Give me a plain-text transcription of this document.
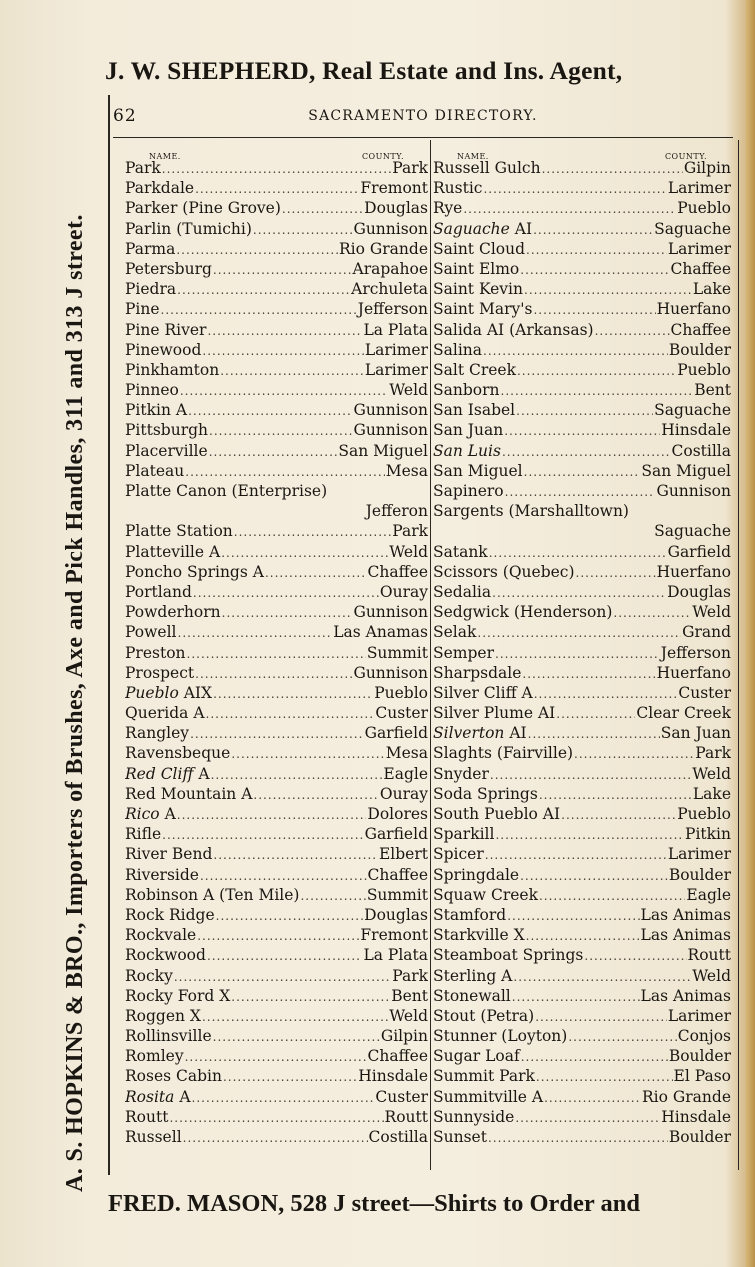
J. W. SHEPHERD, Real Estate and Ins. Agent,
A. S. HOPKINS & BRO., Importers of Brushes, Axe and Pick Handles, 311 and 313 J street.
62	SACRAMENTO DIRECTORY.
NAME.	COUNTY.
Park .....	Park
Parkdale .....	Fremont
Parker (Pine Grove) .....	Douglas
Parlin (Tumichi) .....	Gunnison
Parma .....	Rio Grande
Petersburg .....	Arapahoe
Piedra .....	Archuleta
Pine .....	Jefferson
Pine River .....	La Plata
Pinewood .....	Larimer
Pinkhamton .....	Larimer
Pinneo .....	Weld
Pitkin A .....	Gunnison
Pittsburgh .....	Gunnison
Placerville .....	San Miguel
Plateau .....	Mesa
Platte Canon (Enterprise)
Jefferon
Platte Station .....	Park
Platteville A .....	Weld
Poncho Springs A .....	Chaffee
Portland .....	Ouray
Powderhorn .....	Gunnison
Powell .....	Las Anamas
Preston .....	Summit
Prospect .....	Gunnison
Pueblo AIX .....	Pueblo
Querida A .....	Custer
Rangley .....	Garfield
Ravensbeque .....	Mesa
Red Cliff A .....	Eagle
Red Mountain A .....	Ouray
Rico A .....	Dolores
Rifle .....	Garfield
River Bend .....	Elbert
Riverside .....	Chaffee
Robinson A (Ten Mile) .....	Summit
Rock Ridge .....	Douglas
Rockvale .....	Fremont
Rockwood .....	La Plata
Rocky .....	Park
Rocky Ford X .....	Bent
Roggen X .....	Weld
Rollinsville .....	Gilpin
Romley .....	Chaffee
Roses Cabin .....	Hinsdale
Rosita A .....	Custer
Routt .....	Routt
Russell .....	Costilla
NAME.	COUNTY.
Russell Gulch .....	Gilpin
Rustic .....	Larimer
Rye .....	Pueblo
Saguache AI .....	Saguache
Saint Cloud .....	Larimer
Saint Elmo .....	Chaffee
Saint Kevin .....	Lake
Saint Mary's .....	Huerfano
Salida AI (Arkansas) .....	Chaffee
Salina .....	Boulder
Salt Creek .....	Pueblo
Sanborn .....	Bent
San Isabel .....	Saguache
San Juan .....	Hinsdale
San Luis .....	Costilla
San Miguel .....	San Miguel
Sapinero .....	Gunnison
Sargents (Marshalltown)
Saguache
Satank .....	Garfield
Scissors (Quebec) .....	Huerfano
Sedalia .....	Douglas
Sedgwick (Henderson) .....	Weld
Selak .....	Grand
Semper .....	Jefferson
Sharpsdale .....	Huerfano
Silver Cliff A .....	Custer
Silver Plume AI .....	Clear Creek
Silverton AI .....	San Juan
Slaghts (Fairville) .....	Park
Snyder .....	Weld
Soda Springs .....	Lake
South Pueblo AI .....	Pueblo
Sparkill .....	Pitkin
Spicer .....	Larimer
Springdale .....	Boulder
Squaw Creek .....	Eagle
Stamford .....	Las Animas
Starkville X .....	Las Animas
Steamboat Springs .....	Routt
Sterling A .....	Weld
Stonewall .....	Las Animas
Stout (Petra) .....	Larimer
Stunner (Loyton) .....	Conjos
Sugar Loaf .....	Boulder
Summit Park .....	El Paso
Summitville A .....	Rio Grande
Sunnyside .....	Hinsdale
Sunset .....	Boulder
FRED. MASON, 528 J street—Shirts to Order and
